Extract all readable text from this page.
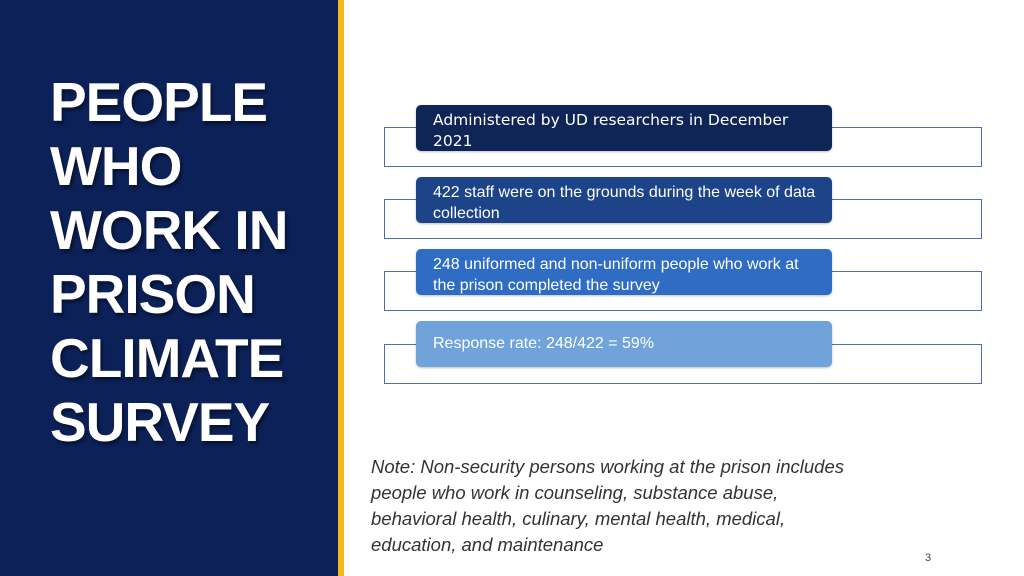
PEOPLE
WHO
WORK IN
PRISON
CLIMATE
SURVEY
Administered by UD researchers in December 2021
422 staff were on the grounds during the week of data collection
248 uniformed and non-uniform people who work at the prison completed the survey
Response rate: 248/422 = 59%

Note: Non-security persons working at the prison includes people who work in counseling, substance abuse, behavioral health, culinary, mental health, medical, education, and maintenance

3
